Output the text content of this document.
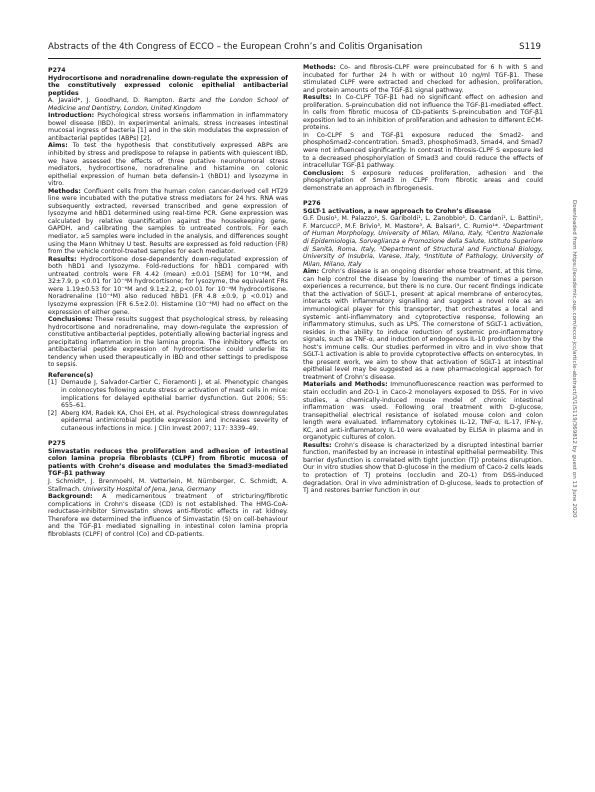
Abstracts of the 4th Congress of ECCO – the European Crohn’s and Colitis Organisation	S119

P274

Hydrocortisone and noradrenaline down-regulate the expression of the constitutively expressed colonic epithelial antibacterial peptides

A. Javaid*, J. Goodhand, D. Rampton. Barts and the London School of Medicine and Dentistry, London, United Kingdom

Introduction: Psychological stress worsens inflammation in inflammatory bowel disease (IBD). In experimental animals, stress increases intestinal mucosal ingress of bacteria [1] and in the skin modulates the expression of antibacterial peptides (ABPs) [2].

Aims: To test the hypothesis that constitutively expressed ABPs are inhibited by stress and predispose to relapse in patients with quiescent IBD, we have assessed the effects of three putative neurohumoral stress mediators, hydrocortisone, noradrenaline and histamine on colonic epithelial expression of human beta defensin-1 (hBD1) and lysozyme in vitro.

Methods: Confluent cells from the human colon cancer-derived cell HT29 line were incubated with the putative stress mediators for 24 hrs. RNA was subsequently extracted, reversed transcribed and gene expression of lysozyme and hBD1 determined using real-time PCR. Gene expression was calculated by relative quantification against the housekeeping gene, GAPDH, and calibrating the samples to untreated controls. For each mediator, ≥5 samples were included in the analysis, and differences sought using the Mann Whitney U test. Results are expressed as fold reduction (FR) from the vehicle control-treated samples for each mediator.

Results: Hydrocortisone dose-dependently down-regulated expression of both hBD1 and lysozyme. Fold-reductions for hBD1 compared with untreated controls were FR 4.42 (mean) ±0.01 [SEM] for 10⁻⁶M, and 32±7.9, p <0.01 for 10⁻⁴M hydrocortisone; for lysozyme, the equivalent FRs were 1.19±0.53 for 10⁻⁶M and 9.1±2.2, p<0.01 for 10⁻⁴M hydrocortisone. Noradrenaline (10⁻⁴M) also reduced hBD1 (FR 4.8 ±0.9, p <0.01) and lysozyme expression (FR 6.5±2.0). Histamine (10⁻⁴M) had no effect on the expression of either gene.

Conclusions: These results suggest that psychological stress, by releasing hydrocortisone and noradrenaline, may down-regulate the expression of constitutive antibacterial peptides, potentially allowing bacterial ingress and precipitating inflammation in the lamina propria. The inhibitory effects on antibacterial peptide expression of hydrocortisone could underlie its tendency when used therapeutically in IBD and other settings to predispose to sepsis.

Reference(s)

[1] Demaude J, Salvador-Cartier C, Fioramonti J, et al. Phenotypic changes in colonocytes following acute stress or activation of mast cells in mice: implications for delayed epithelial barrier dysfunction. Gut 2006; 55: 655–61.
[2] Aberg KM, Radek KA, Choi EH, et al. Psychological stress downregulates epidermal antimicrobial peptide expression and increases severity of cutaneous infections in mice. J Clin Invest 2007; 117: 3339–49.

P275

Simvastatin reduces the proliferation and adhesion of intestinal colon lamina propria fibroblasts (CLPF) from fibrotic mucosa of patients with Crohn’s disease and modulates the Smad3-mediated TGF-β1 pathway

J. Schmidt*, J. Brenmoehl, M. Vetterlein, M. Nürnberger, C. Schmidt, A. Stallmach. University Hospital of Jena, Jena, Germany

Background: A medicamentous treatment of stricturing/fibrotic complications in Crohn’s disease (CD) is not established. The HMG-CoA-reductase-inhibitor Simvastatin shows anti-fibrotic effects in rat kidney. Therefore we determined the influence of Simvastatin (S) on cell-behaviour and the TGF-β1 mediated signalling in intestinal colon lamina propria fibroblasts (CLPF) of control (Co) and CD-patients.

Methods: Co- and fibrosis-CLPF were preincubated for 6 h with S and incubated for further 24 h with or without 10 ng/ml TGF-β1. These stimulated CLPF were extracted and checked for adhesion, proliferation, and protein amounts of the TGF-β1 signal pathway.

Results: In Co-CLPF TGF-β1 had no significant effect on adhesion and proliferation. S-preincubation did not influence the TGF-β1-mediated effect. In cells from fibrotic mucosa of CD-patients S-preincubation and TGF-β1 exposition led to an inhibition of proliferation and adhesion to different ECM-proteins.

In Co-CLPF S and TGF-β1 exposure reduced the Smad2- and phosphoSmad2-concentration. Smad3, phosphoSmad3, Smad4, and Smad7 were not influenced significantly. In contrast in fibrosis-CLPF S exposure led to a decreased phosphorylation of Smad3 and could reduce the effects of intracellular TGF-β1 pathway.

Conclusion: S exposure reduces proliferation, adhesion and the phosphorylation of Smad3 in CLPF from fibrotic areas and could demonstrate an approach in fibrogenesis.

P276

SGLT-1 activation, a new approach to Crohn’s disease

G.F. Dusio¹, M. Palazzo¹, S. Gariboldi¹, L. Zanobbio¹, D. Cardani¹, L. Battini¹, F. Marcucci², M.F. Brivio³, M. Mastore³, A. Balsari⁴, C. Rumio¹*. ¹Department of Human Morphology, University of Milan, Milano, Italy, ²Centro Nazionale di Epidemiologia, Sorveglianza e Promozione della Salute, Istituto Superiore di Sanità, Roma, Italy, ³Department of Structural and Functional Biology, University of Insubria, Varese, Italy, ⁴Institute of Pathology, University of Milan, Milano, Italy

Aim: Crohn’s disease is an ongoing disorder whose treatment, at this time, can help control the disease by lowering the number of times a person experiences a recurrence, but there is no cure. Our recent findings indicate that the activation of SGLT-1, present at apical membrane of enterocytes, interacts with inflammatory signalling and suggest a novel role as an immunological player for this transporter, that orchestrates a local and systemic anti-inflammatory and cytoprotective response, following an inflammatory stimulus, such as LPS. The cornerstone of SGLT-1 activation, resides in the ability to induce reduction of systemic pro-inflammatory signals, such as TNF-α, and induction of endogenous IL-10 production by the host’s immune cells. Our studies performed in vitro and in vivo show that SGLT-1 activation is able to provide cytoprotective effects on enterocytes. In the present work, we aim to show that activation of SGLT-1 at intestinal epithelial level may be suggested as a new pharmacological approach for treatment of Crohn’s disease.

Materials and Methods: Immunofluorescence reaction was performed to stain occludin and ZO-1 in Caco-2 monolayers exposed to DSS. For in vivo studies, a chemically-induced mouse model of chronic intestinal inflammation was used. Following oral treatment with D-glucose, transepithelial electrical resistance of isolated mouse colon and colon length were evaluated. Inflammatory cytokines IL-12, TNF-α, IL-17, IFN-γ, KC, and anti-inflammatory IL-10 were evaluated by ELISA in plasma and in organotypic cultures of colon.

Results: Crohn’s disease is characterized by a disrupted intestinal barrier function, manifested by an increase in intestinal epithelial permeability. This barrier dysfunction is correlated with tight junction (TJ) proteins disruption. Our in vitro studies show that D-glucose in the medium of Caco-2 cells leads to protection of TJ proteins (occludin and ZO-1) from DSS-induced degradation. Oral in vivo administration of D-glucose, leads to protection of TJ and restores barrier function in our	Downloaded from https://academic.oup.com/ecco-jcc/article-abstract/3/1/S119/369812 by guest on 13 June 2020
